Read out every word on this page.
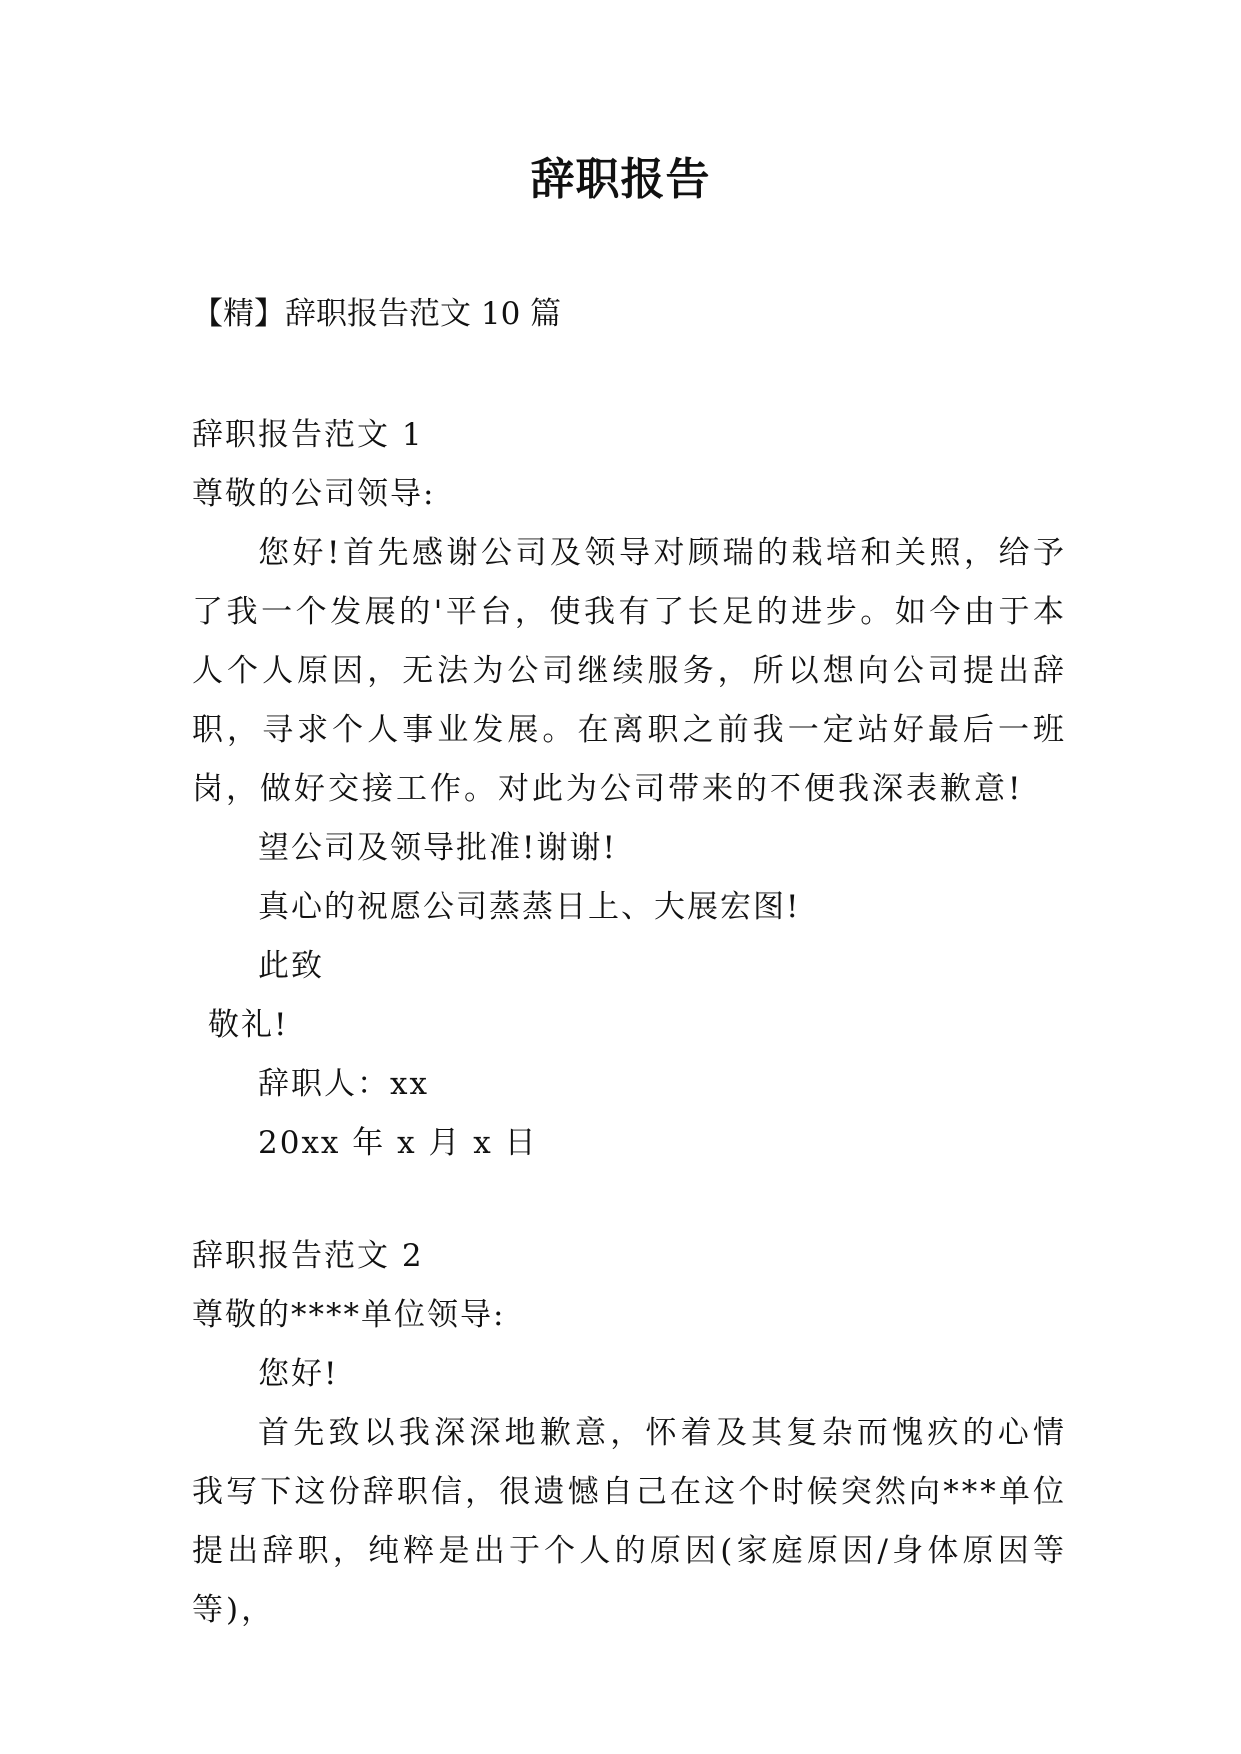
辞职报告
【精】辞职报告范文 10 篇
辞职报告范文 1
尊敬的公司领导:
您好!首先感谢公司及领导对顾瑞的栽培和关照，给予了我一个发展的'平台，使我有了长足的进步。如今由于本人个人原因，无法为公司继续服务，所以想向公司提出辞职，寻求个人事业发展。在离职之前我一定站好最后一班岗，做好交接工作。对此为公司带来的不便我深表歉意!
望公司及领导批准!谢谢!
真心的祝愿公司蒸蒸日上、大展宏图!
此致
敬礼!
辞职人：xx
20xx 年 x 月 x 日
辞职报告范文 2
尊敬的****单位领导:
您好!
首先致以我深深地歉意，怀着及其复杂而愧疚的心情我写下这份辞职信，很遗憾自己在这个时候突然向***单位提出辞职，纯粹是出于个人的原因(家庭原因/身体原因等等)，
